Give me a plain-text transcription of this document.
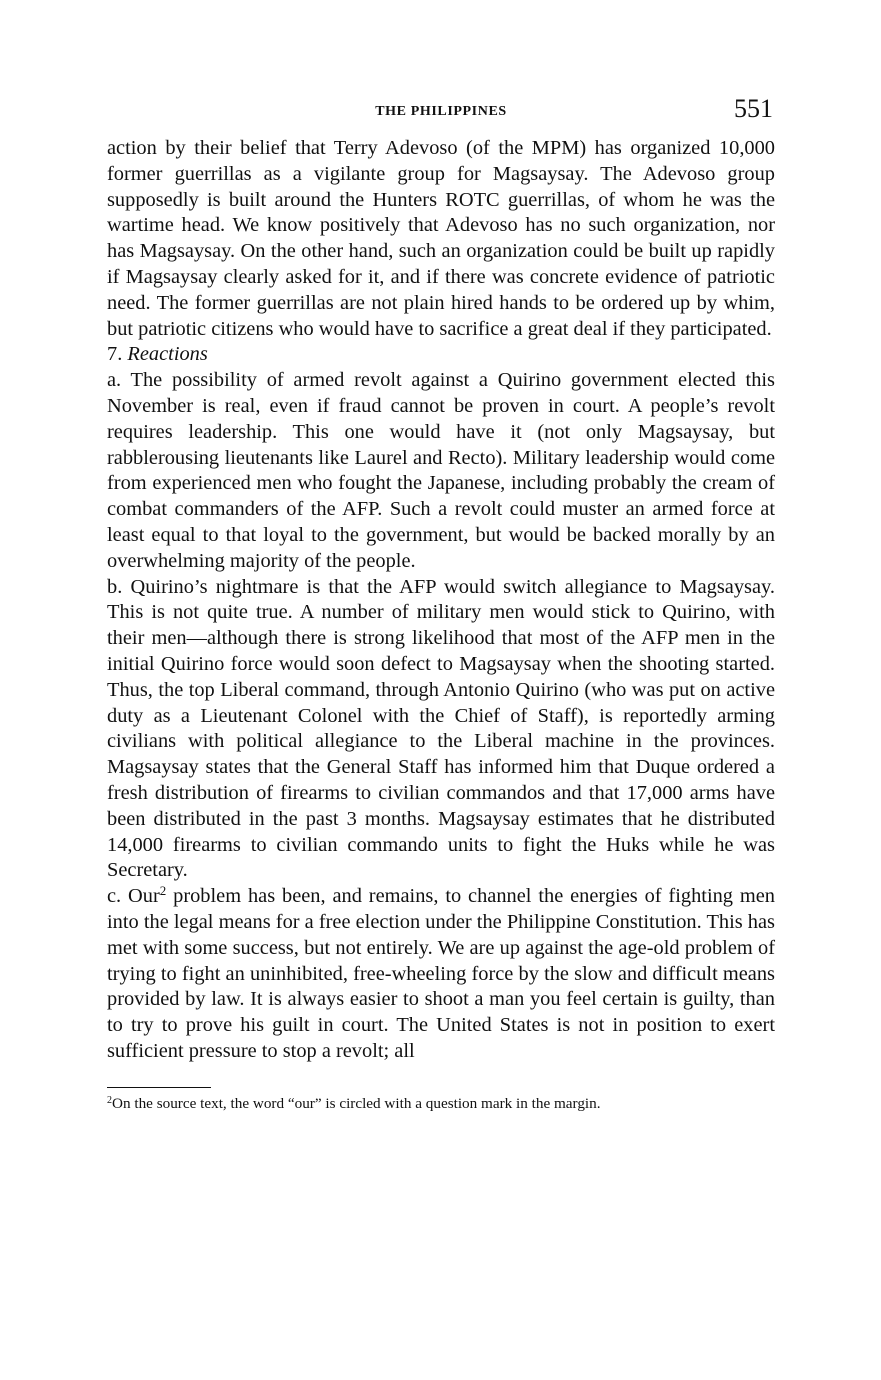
THE PHILIPPINES	551

action by their belief that Terry Adevoso (of the MPM) has organized 10,000 former guerrillas as a vigilante group for Magsaysay. The Adevoso group supposedly is built around the Hunters ROTC guerrillas, of whom he was the wartime head. We know positively that Adevoso has no such organization, nor has Magsaysay. On the other hand, such an organization could be built up rapidly if Magsaysay clearly asked for it, and if there was concrete evidence of patriotic need. The former guerrillas are not plain hired hands to be ordered up by whim, but patriotic citizens who would have to sacrifice a great deal if they participated.

7. Reactions

a. The possibility of armed revolt against a Quirino government elected this November is real, even if fraud cannot be proven in court. A people’s revolt requires leadership. This one would have it (not only Magsaysay, but rabblerousing lieutenants like Laurel and Recto). Military leadership would come from experienced men who fought the Japanese, including probably the cream of combat commanders of the AFP. Such a revolt could muster an armed force at least equal to that loyal to the government, but would be backed morally by an overwhelming majority of the people.

b. Quirino’s nightmare is that the AFP would switch allegiance to Magsaysay. This is not quite true. A number of military men would stick to Quirino, with their men—although there is strong likelihood that most of the AFP men in the initial Quirino force would soon defect to Magsaysay when the shooting started. Thus, the top Liberal command, through Antonio Quirino (who was put on active duty as a Lieutenant Colonel with the Chief of Staff), is reportedly arming civilians with political allegiance to the Liberal machine in the provinces. Magsaysay states that the General Staff has informed him that Duque ordered a fresh distribution of firearms to civilian commandos and that 17,000 arms have been distributed in the past 3 months. Magsaysay estimates that he distributed 14,000 firearms to civilian commando units to fight the Huks while he was Secretary.

c. Our$^2$ problem has been, and remains, to channel the energies of fighting men into the legal means for a free election under the Philippine Constitution. This has met with some success, but not entirely. We are up against the age-old problem of trying to fight an uninhibited, free-wheeling force by the slow and difficult means provided by law. It is always easier to shoot a man you feel certain is guilty, than to try to prove his guilt in court. The United States is not in position to exert sufficient pressure to stop a revolt; all

$^2$On the source text, the word “our” is circled with a question mark in the margin.
